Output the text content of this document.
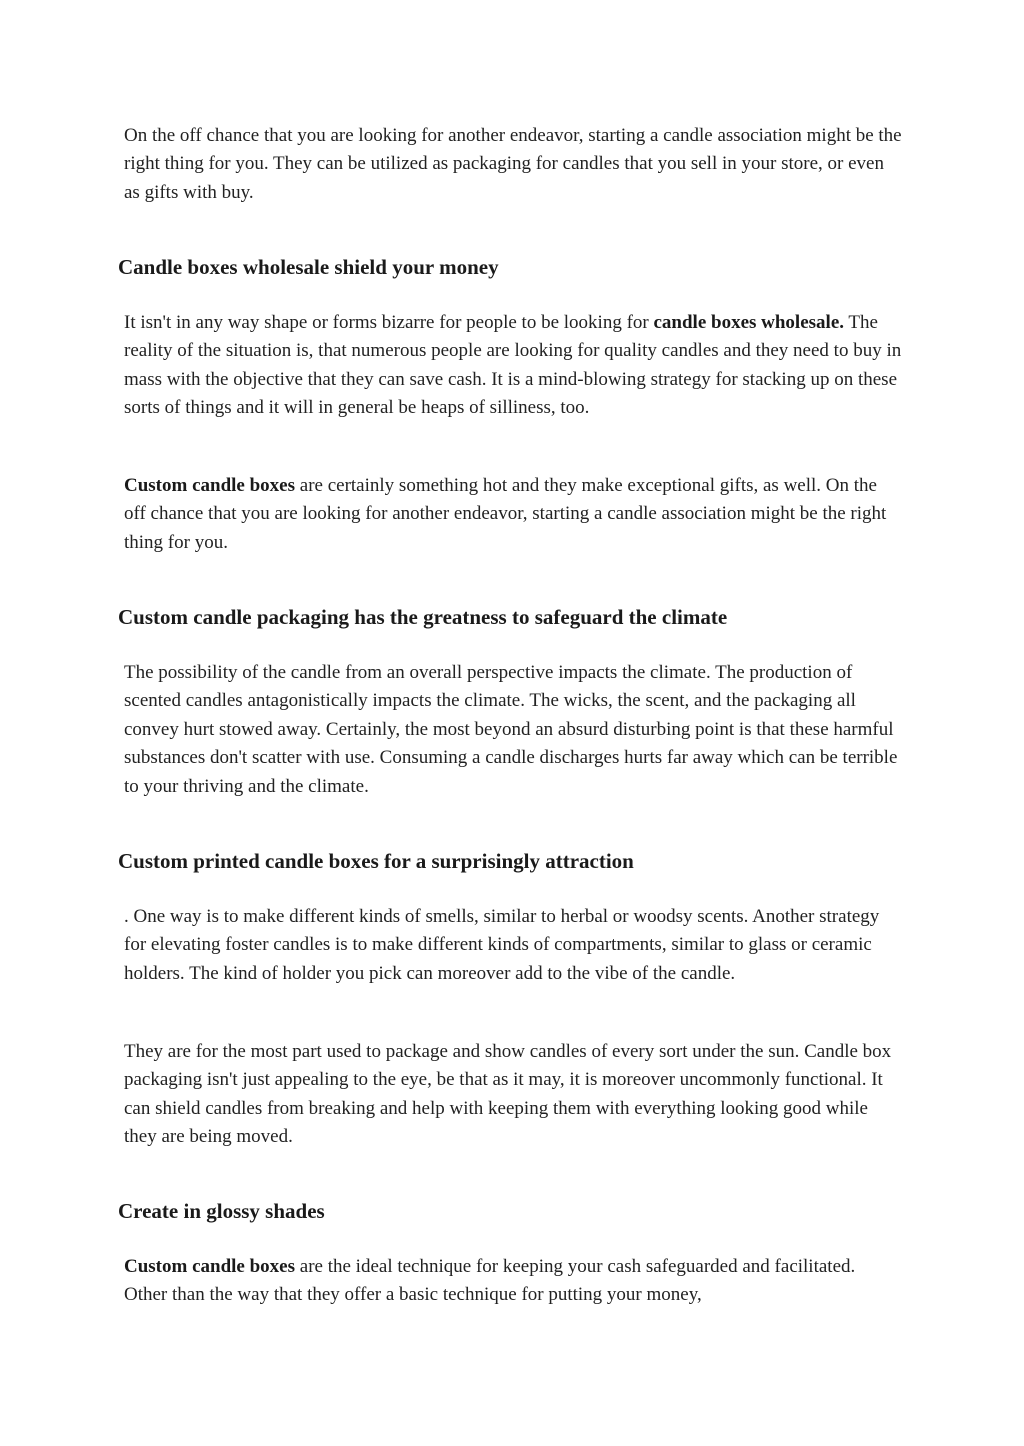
On the off chance that you are looking for another endeavor, starting a candle association might be the right thing for you. They can be utilized as packaging for candles that you sell in your store, or even as gifts with buy.

Candle boxes wholesale shield your money

It isn't in any way shape or forms bizarre for people to be looking for candle boxes wholesale. The reality of the situation is, that numerous people are looking for quality candles and they need to buy in mass with the objective that they can save cash. It is a mind-blowing strategy for stacking up on these sorts of things and it will in general be heaps of silliness, too.

Custom candle boxes are certainly something hot and they make exceptional gifts, as well. On the off chance that you are looking for another endeavor, starting a candle association might be the right thing for you.

Custom candle packaging has the greatness to safeguard the climate

The possibility of the candle from an overall perspective impacts the climate. The production of scented candles antagonistically impacts the climate. The wicks, the scent, and the packaging all convey hurt stowed away. Certainly, the most beyond an absurd disturbing point is that these harmful substances don't scatter with use. Consuming a candle discharges hurts far away which can be terrible to your thriving and the climate.

Custom printed candle boxes for a surprisingly attraction

. One way is to make different kinds of smells, similar to herbal or woodsy scents. Another strategy for elevating foster candles is to make different kinds of compartments, similar to glass or ceramic holders. The kind of holder you pick can moreover add to the vibe of the candle.

They are for the most part used to package and show candles of every sort under the sun. Candle box packaging isn't just appealing to the eye, be that as it may, it is moreover uncommonly functional. It can shield candles from breaking and help with keeping them with everything looking good while they are being moved.

Create in glossy shades

Custom candle boxes are the ideal technique for keeping your cash safeguarded and facilitated. Other than the way that they offer a basic technique for putting your money,
